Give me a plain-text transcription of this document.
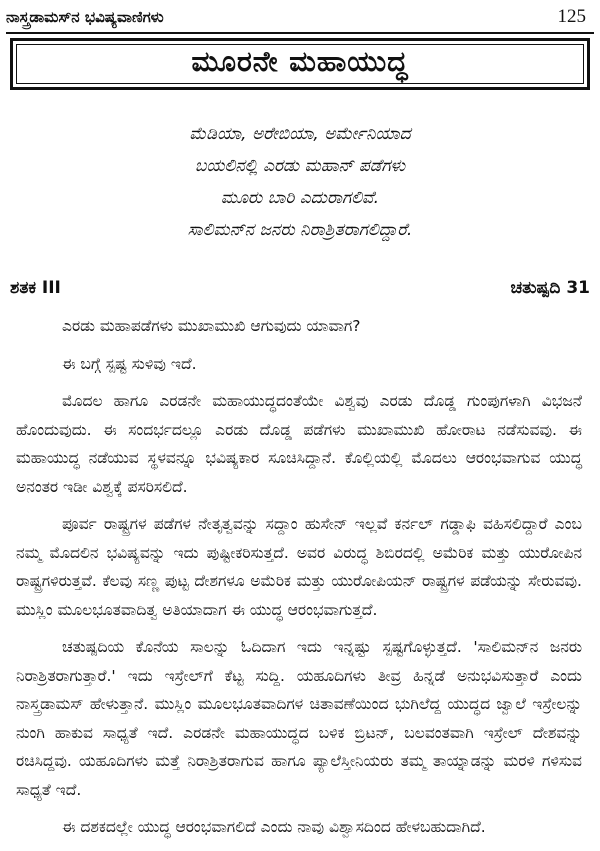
ನಾಸ್ತ್ರಡಾಮಸ್‌ನ ಭವಿಷ್ಯವಾಣಿಗಳು	125
ಮೂರನೇ ಮಹಾಯುದ್ಧ
ಮೆಡಿಯಾ, ಅರೇಬಿಯಾ, ಅರ್ಮೇನಿಯಾದ
ಬಯಲಿನಲ್ಲಿ ಎರಡು ಮಹಾನ್ ಪಡೆಗಳು
ಮೂರು ಬಾರಿ ಎದುರಾಗಲಿವೆ.
ಸಾಲಿಮನ್‌ನ ಜನರು ನಿರಾಶ್ರಿತರಾಗಲಿದ್ದಾರೆ.
ಶತಕ III	ಚತುಷ್ಪದಿ 31

ಎರಡು ಮಹಾಪಡೆಗಳು ಮುಖಾಮುಖಿ ಆಗುವುದು ಯಾವಾಗ?

ಈ ಬಗ್ಗೆ ಸ್ಪಷ್ಟ ಸುಳಿವು ಇದೆ.

ಮೊದಲ ಹಾಗೂ ಎರಡನೇ ಮಹಾಯುದ್ಧದಂತೆಯೇ ವಿಶ್ವವು ಎರಡು ದೊಡ್ಡ ಗುಂಪುಗಳಾಗಿ ವಿಭಜನೆ ಹೊಂದುವುದು. ಈ ಸಂದರ್ಭದಲ್ಲೂ ಎರಡು ದೊಡ್ಡ ಪಡೆಗಳು ಮುಖಾಮುಖಿ ಹೋರಾಟ ನಡೆಸುವವು. ಈ ಮಹಾಯುದ್ಧ ನಡೆಯುವ ಸ್ಥಳವನ್ನೂ ಭವಿಷ್ಯಕಾರ ಸೂಚಿಸಿದ್ದಾನೆ. ಕೊಲ್ಲಿಯಲ್ಲಿ ಮೊದಲು ಆರಂಭವಾಗುವ ಯುದ್ಧ ಅನಂತರ ಇಡೀ ವಿಶ್ವಕ್ಕೆ ಪಸರಿಸಲಿದೆ.

ಪೂರ್ವ ರಾಷ್ಟ್ರಗಳ ಪಡೆಗಳ ನೇತೃತ್ವವನ್ನು ಸದ್ದಾಂ ಹುಸೇನ್ ಇಲ್ಲವೆ ಕರ್ನಲ್ ಗಡ್ಡಾಫಿ ವಹಿಸಲಿದ್ದಾರೆ ಎಂಬ ನಮ್ಮ ಮೊದಲಿನ ಭವಿಷ್ಯವನ್ನು ಇದು ಪುಷ್ಟೀಕರಿಸುತ್ತದೆ. ಅವರ ವಿರುದ್ಧ ಶಿಬಿರದಲ್ಲಿ ಅಮೆರಿಕ ಮತ್ತು ಯುರೋಪಿನ ರಾಷ್ಟ್ರಗಳಿರುತ್ತವೆ. ಕೆಲವು ಸಣ್ಣ ಪುಟ್ಟ ದೇಶಗಳೂ ಅಮೆರಿಕ ಮತ್ತು ಯುರೋಪಿಯನ್ ರಾಷ್ಟ್ರಗಳ ಪಡೆಯನ್ನು ಸೇರುವವು. ಮುಸ್ಲಿಂ ಮೂಲಭೂತವಾದಿತ್ವ ಅತಿಯಾದಾಗ ಈ ಯುದ್ಧ ಆರಂಭವಾಗುತ್ತದೆ.

ಚತುಷ್ಪದಿಯ ಕೊನೆಯ ಸಾಲನ್ನು ಓದಿದಾಗ ಇದು ಇನ್ನಷ್ಟು ಸ್ಪಷ್ಟಗೊಳ್ಳುತ್ತದೆ. 'ಸಾಲಿಮನ್‌ನ ಜನರು ನಿರಾಶ್ರಿತರಾಗುತ್ತಾರೆ.' ಇದು ಇಸ್ರೇಲ್‌ಗೆ ಕೆಟ್ಟ ಸುದ್ದಿ. ಯಹೂದಿಗಳು ತೀವ್ರ ಹಿನ್ನಡೆ ಅನುಭವಿಸುತ್ತಾರೆ ಎಂದು ನಾಸ್ತ್ರಡಾಮಸ್ ಹೇಳುತ್ತಾನೆ. ಮುಸ್ಲಿಂ ಮೂಲಭೂತವಾದಿಗಳ ಚಿತಾವಣೆಯಿಂದ ಭುಗಿಲೆದ್ದ ಯುದ್ಧದ ಜ್ವಾಲೆ ಇಸ್ರೇಲನ್ನು ನುಂಗಿ ಹಾಕುವ ಸಾಧ್ಯತೆ ಇದೆ. ಎರಡನೇ ಮಹಾಯುದ್ಧದ ಬಳಿಕ ಬ್ರಿಟನ್, ಬಲವಂತವಾಗಿ ಇಸ್ರೇಲ್ ದೇಶವನ್ನು ರಚಿಸಿದ್ದವು. ಯಹೂದಿಗಳು ಮತ್ತೆ ನಿರಾಶ್ರಿತರಾಗುವ ಹಾಗೂ ಪ್ಯಾಲೆಸ್ತೀನಿಯರು ತಮ್ಮ ತಾಯ್ನಾಡನ್ನು ಮರಳಿ ಗಳಿಸುವ ಸಾಧ್ಯತೆ ಇದೆ.

ಈ ದಶಕದಲ್ಲೇ ಯುದ್ಧ ಆರಂಭವಾಗಲಿದೆ ಎಂದು ನಾವು ವಿಶ್ವಾಸದಿಂದ ಹೇಳಬಹುದಾಗಿದೆ.
